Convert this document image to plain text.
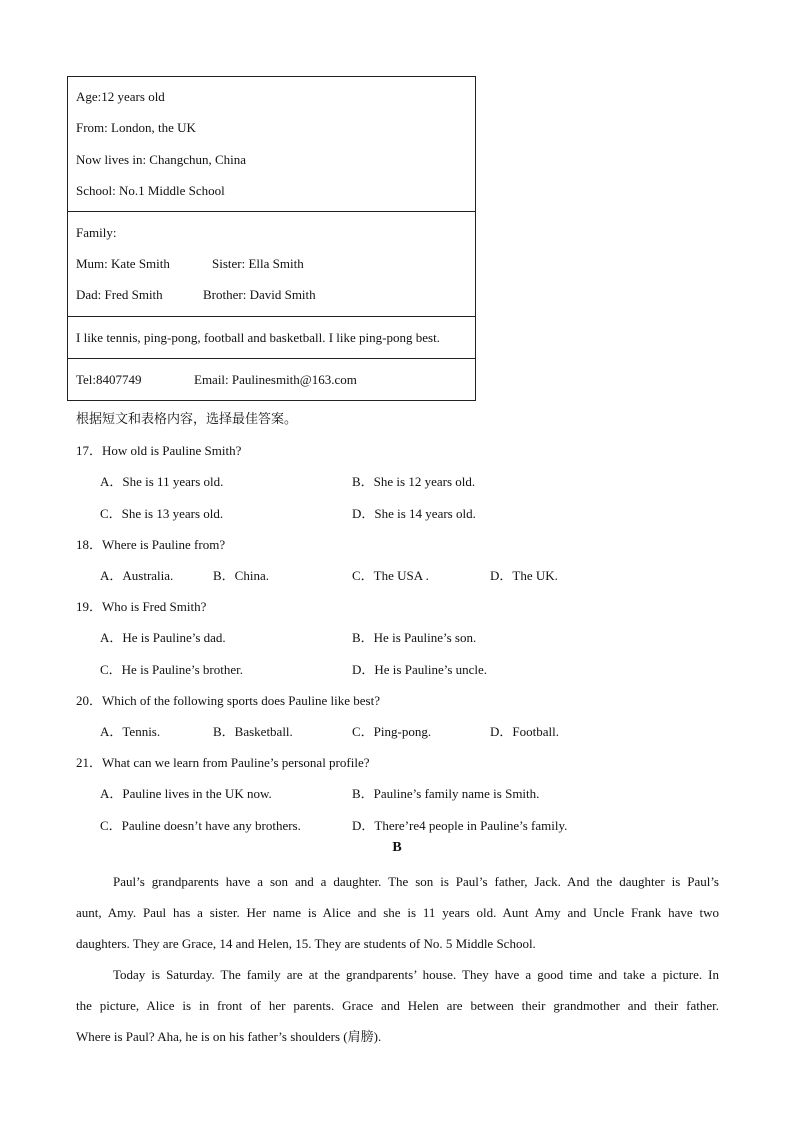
Age:12 years old
From: London, the UK
Now lives in: Changchun, China
School: No.1 Middle School
Family:
Mum: Kate Smith	Sister: Ella Smith
Dad: Fred Smith	Brother: David Smith
I like tennis, ping-pong, football and basketball. I like ping-pong best.
Tel:8407749	Email: Paulinesmith@163.com
根据短文和表格内容，选择最佳答案。
17．How old is Pauline Smith?
A．She is 11 years old.	B．She is 12 years old.
C．She is 13 years old.	D．She is 14 years old.
18．Where is Pauline from?
A．Australia.	B．China.	C．The USA .	D．The UK.
19．Who is Fred Smith?
A．He is Pauline’s dad.	B．He is Pauline’s son.
C．He is Pauline’s brother.	D．He is Pauline’s uncle.
20．Which of the following sports does Pauline like best?
A．Tennis.	B．Basketball.	C．Ping-pong.	D．Football.
21．What can we learn from Pauline’s personal profile?
A．Pauline lives in the UK now.	B．Pauline’s family name is Smith.
C．Pauline doesn’t have any brothers.	D．There’re4 people in Pauline’s family.
B
Paul’s grandparents have a son and a daughter. The son is Paul’s father, Jack. And the daughter is Paul’s
aunt, Amy. Paul has a sister. Her name is Alice and she is 11 years old. Aunt Amy and Uncle Frank have two
daughters. They are Grace, 14 and Helen, 15. They are students of No. 5 Middle School.
Today is Saturday. The family are at the grandparents’ house. They have a good time and take a picture. In
the picture, Alice is in front of her parents. Grace and Helen are between their grandmother and their father.
Where is Paul? Aha, he is on his father’s shoulders (肩膀).
